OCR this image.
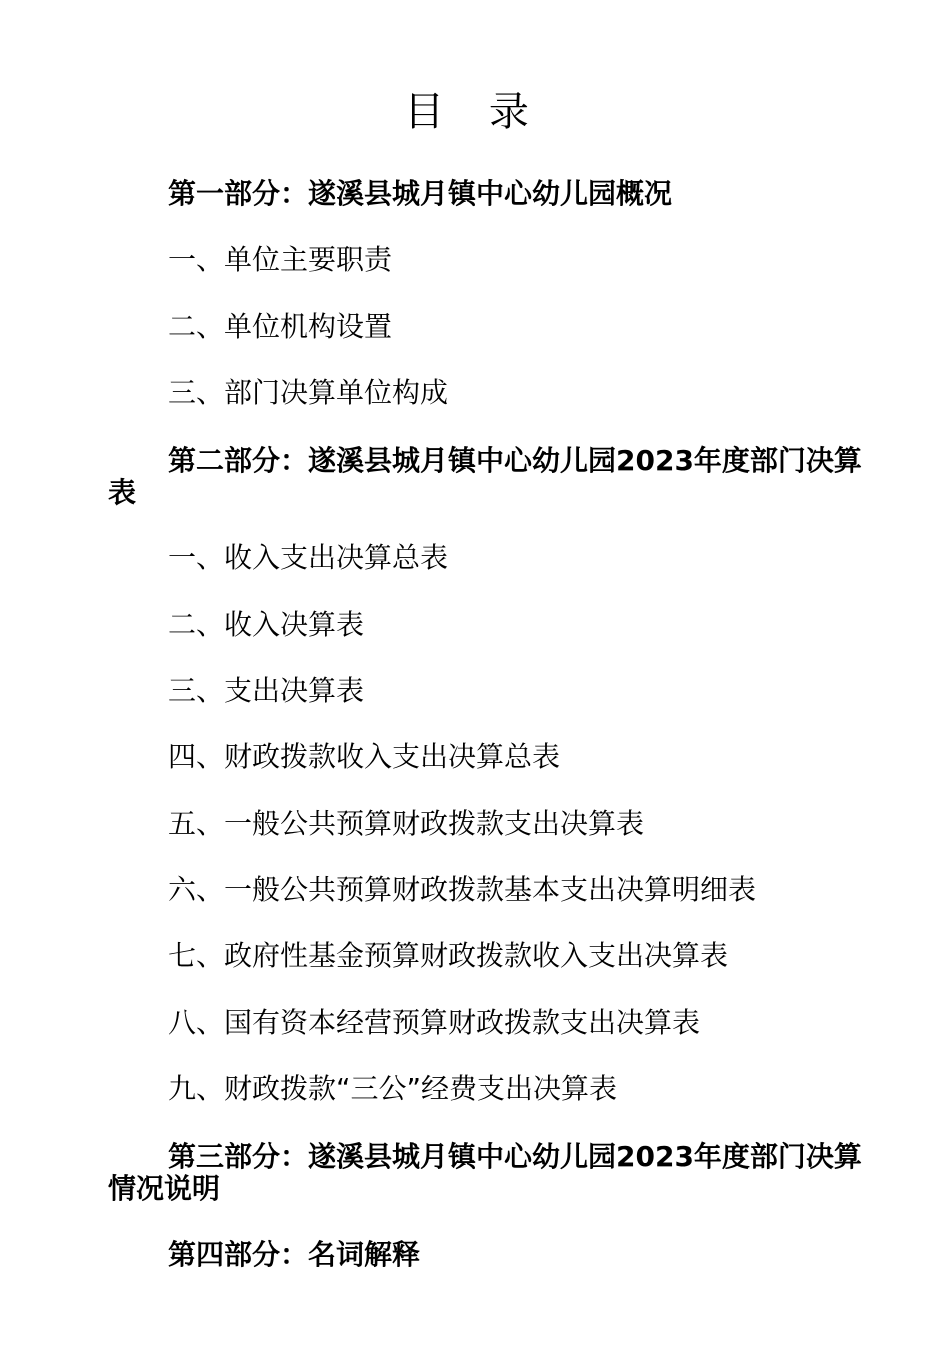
目 录
第一部分：遂溪县城月镇中心幼儿园概况
一、单位主要职责
二、单位机构设置
三、部门决算单位构成
第二部分：遂溪县城月镇中心幼儿园2023年度部门决算表
一、收入支出决算总表
二、收入决算表
三、支出决算表
四、财政拨款收入支出决算总表
五、一般公共预算财政拨款支出决算表
六、一般公共预算财政拨款基本支出决算明细表
七、政府性基金预算财政拨款收入支出决算表
八、国有资本经营预算财政拨款支出决算表
九、财政拨款“三公”经费支出决算表
第三部分：遂溪县城月镇中心幼儿园2023年度部门决算情况说明
第四部分：名词解释
